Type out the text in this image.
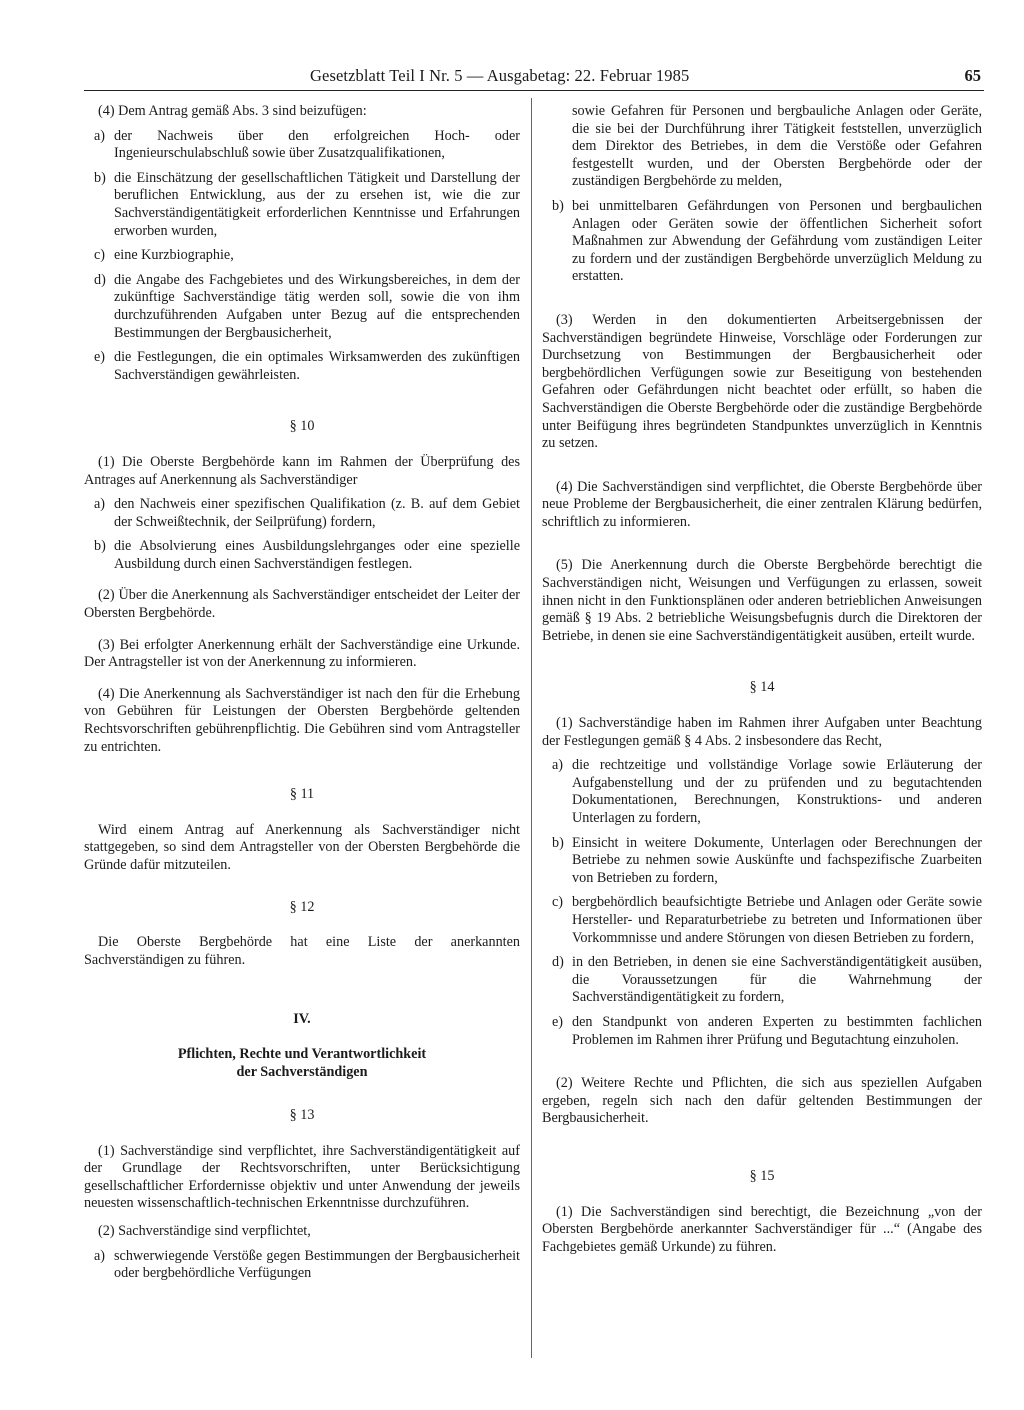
Gesetzblatt Teil I Nr. 5 — Ausgabetag: 22. Februar 1985	65

(4) Dem Antrag gemäß Abs. 3 sind beizufügen:

a) der Nachweis über den erfolgreichen Hoch- oder Ingenieurschulabschluß sowie über Zusatzqualifikationen,
b) die Einschätzung der gesellschaftlichen Tätigkeit und Darstellung der beruflichen Entwicklung, aus der zu ersehen ist, wie die zur Sachverständigentätigkeit erforderlichen Kenntnisse und Erfahrungen erworben wurden,
c) eine Kurzbiographie,
d) die Angabe des Fachgebietes und des Wirkungsbereiches, in dem der zukünftige Sachverständige tätig werden soll, sowie die von ihm durchzuführenden Aufgaben unter Bezug auf die entsprechenden Bestimmungen der Bergbausicherheit,
e) die Festlegungen, die ein optimales Wirksamwerden des zukünftigen Sachverständigen gewährleisten.
§ 10

(1) Die Oberste Bergbehörde kann im Rahmen der Überprüfung des Antrages auf Anerkennung als Sachverständiger

a) den Nachweis einer spezifischen Qualifikation (z. B. auf dem Gebiet der Schweißtechnik, der Seilprüfung) fordern,
b) die Absolvierung eines Ausbildungslehrganges oder eine spezielle Ausbildung durch einen Sachverständigen festlegen.

(2) Über die Anerkennung als Sachverständiger entscheidet der Leiter der Obersten Bergbehörde.

(3) Bei erfolgter Anerkennung erhält der Sachverständige eine Urkunde. Der Antragsteller ist von der Anerkennung zu informieren.

(4) Die Anerkennung als Sachverständiger ist nach den für die Erhebung von Gebühren für Leistungen der Obersten Bergbehörde geltenden Rechtsvorschriften gebührenpflichtig. Die Gebühren sind vom Antragsteller zu entrichten.

§ 11

Wird einem Antrag auf Anerkennung als Sachverständiger nicht stattgegeben, so sind dem Antragsteller von der Obersten Bergbehörde die Gründe dafür mitzuteilen.

§ 12

Die Oberste Bergbehörde hat eine Liste der anerkannten Sachverständigen zu führen.

IV.
Pflichten, Rechte und Verantwortlichkeit
der Sachverständigen
§ 13

(1) Sachverständige sind verpflichtet, ihre Sachverständigentätigkeit auf der Grundlage der Rechtsvorschriften, unter Berücksichtigung gesellschaftlicher Erfordernisse objektiv und unter Anwendung der jeweils neuesten wissenschaftlich-technischen Erkenntnisse durchzuführen.

(2) Sachverständige sind verpflichtet,

a) schwerwiegende Verstöße gegen Bestimmungen der Bergbausicherheit oder bergbehördliche Verfügungen
sowie Gefahren für Personen und bergbauliche Anlagen oder Geräte, die sie bei der Durchführung ihrer Tätigkeit feststellen, unverzüglich dem Direktor des Betriebes, in dem die Verstöße oder Gefahren festgestellt wurden, und der Obersten Bergbehörde oder der zuständigen Bergbehörde zu melden,
b) bei unmittelbaren Gefährdungen von Personen und bergbaulichen Anlagen oder Geräten sowie der öffentlichen Sicherheit sofort Maßnahmen zur Abwendung der Gefährdung vom zuständigen Leiter zu fordern und der zuständigen Bergbehörde unverzüglich Meldung zu erstatten.

(3) Werden in den dokumentierten Arbeitsergebnissen der Sachverständigen begründete Hinweise, Vorschläge oder Forderungen zur Durchsetzung von Bestimmungen der Bergbausicherheit oder bergbehördlichen Verfügungen sowie zur Beseitigung von bestehenden Gefahren oder Gefährdungen nicht beachtet oder erfüllt, so haben die Sachverständigen die Oberste Bergbehörde oder die zuständige Bergbehörde unter Beifügung ihres begründeten Standpunktes unverzüglich in Kenntnis zu setzen.

(4) Die Sachverständigen sind verpflichtet, die Oberste Bergbehörde über neue Probleme der Bergbausicherheit, die einer zentralen Klärung bedürfen, schriftlich zu informieren.

(5) Die Anerkennung durch die Oberste Bergbehörde berechtigt die Sachverständigen nicht, Weisungen und Verfügungen zu erlassen, soweit ihnen nicht in den Funktionsplänen oder anderen betrieblichen Anweisungen gemäß § 19 Abs. 2 betriebliche Weisungsbefugnis durch die Direktoren der Betriebe, in denen sie eine Sachverständigentätigkeit ausüben, erteilt wurde.

§ 14

(1) Sachverständige haben im Rahmen ihrer Aufgaben unter Beachtung der Festlegungen gemäß § 4 Abs. 2 insbesondere das Recht,

a) die rechtzeitige und vollständige Vorlage sowie Erläuterung der Aufgabenstellung und der zu prüfenden und zu begutachtenden Dokumentationen, Berechnungen, Konstruktions- und anderen Unterlagen zu fordern,
b) Einsicht in weitere Dokumente, Unterlagen oder Berechnungen der Betriebe zu nehmen sowie Auskünfte und fachspezifische Zuarbeiten von Betrieben zu fordern,
c) bergbehördlich beaufsichtigte Betriebe und Anlagen oder Geräte sowie Hersteller- und Reparaturbetriebe zu betreten und Informationen über Vorkommnisse und andere Störungen von diesen Betrieben zu fordern,
d) in den Betrieben, in denen sie eine Sachverständigentätigkeit ausüben, die Voraussetzungen für die Wahrnehmung der Sachverständigentätigkeit zu fordern,
e) den Standpunkt von anderen Experten zu bestimmten fachlichen Problemen im Rahmen ihrer Prüfung und Begutachtung einzuholen.

(2) Weitere Rechte und Pflichten, die sich aus speziellen Aufgaben ergeben, regeln sich nach den dafür geltenden Bestimmungen der Bergbausicherheit.

§ 15

(1) Die Sachverständigen sind berechtigt, die Bezeichnung „von der Obersten Bergbehörde anerkannter Sachverständiger für ...“ (Angabe des Fachgebietes gemäß Urkunde) zu führen.
